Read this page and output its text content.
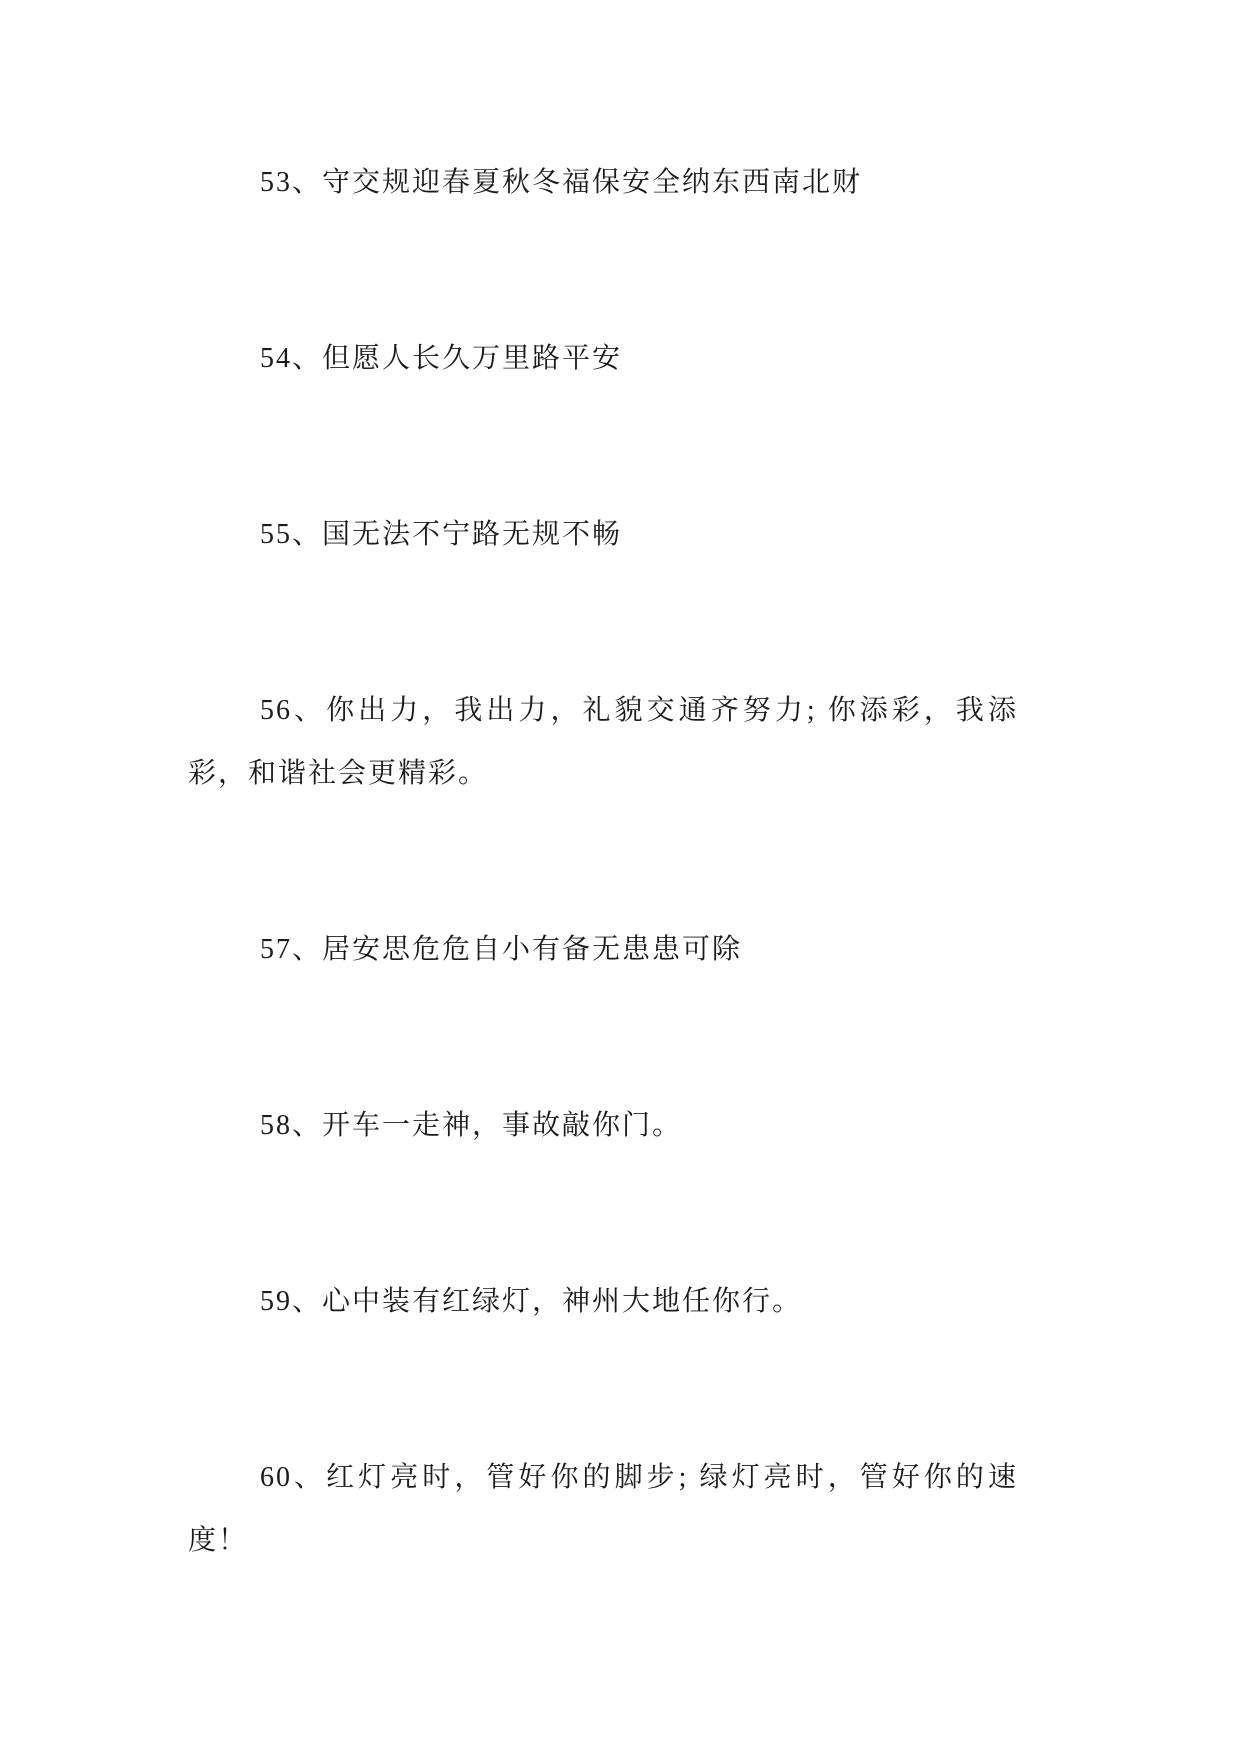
53、守交规迎春夏秋冬福保安全纳东西南北财

54、但愿人长久万里路平安

55、国无法不宁路无规不畅

56、你出力，我出力，礼貌交通齐努力; 你添彩，我添彩，和谐社会更精彩。

57、居安思危危自小有备无患患可除

58、开车一走神，事故敲你门。

59、心中装有红绿灯，神州大地任你行。

60、红灯亮时，管好你的脚步; 绿灯亮时，管好你的速度！
